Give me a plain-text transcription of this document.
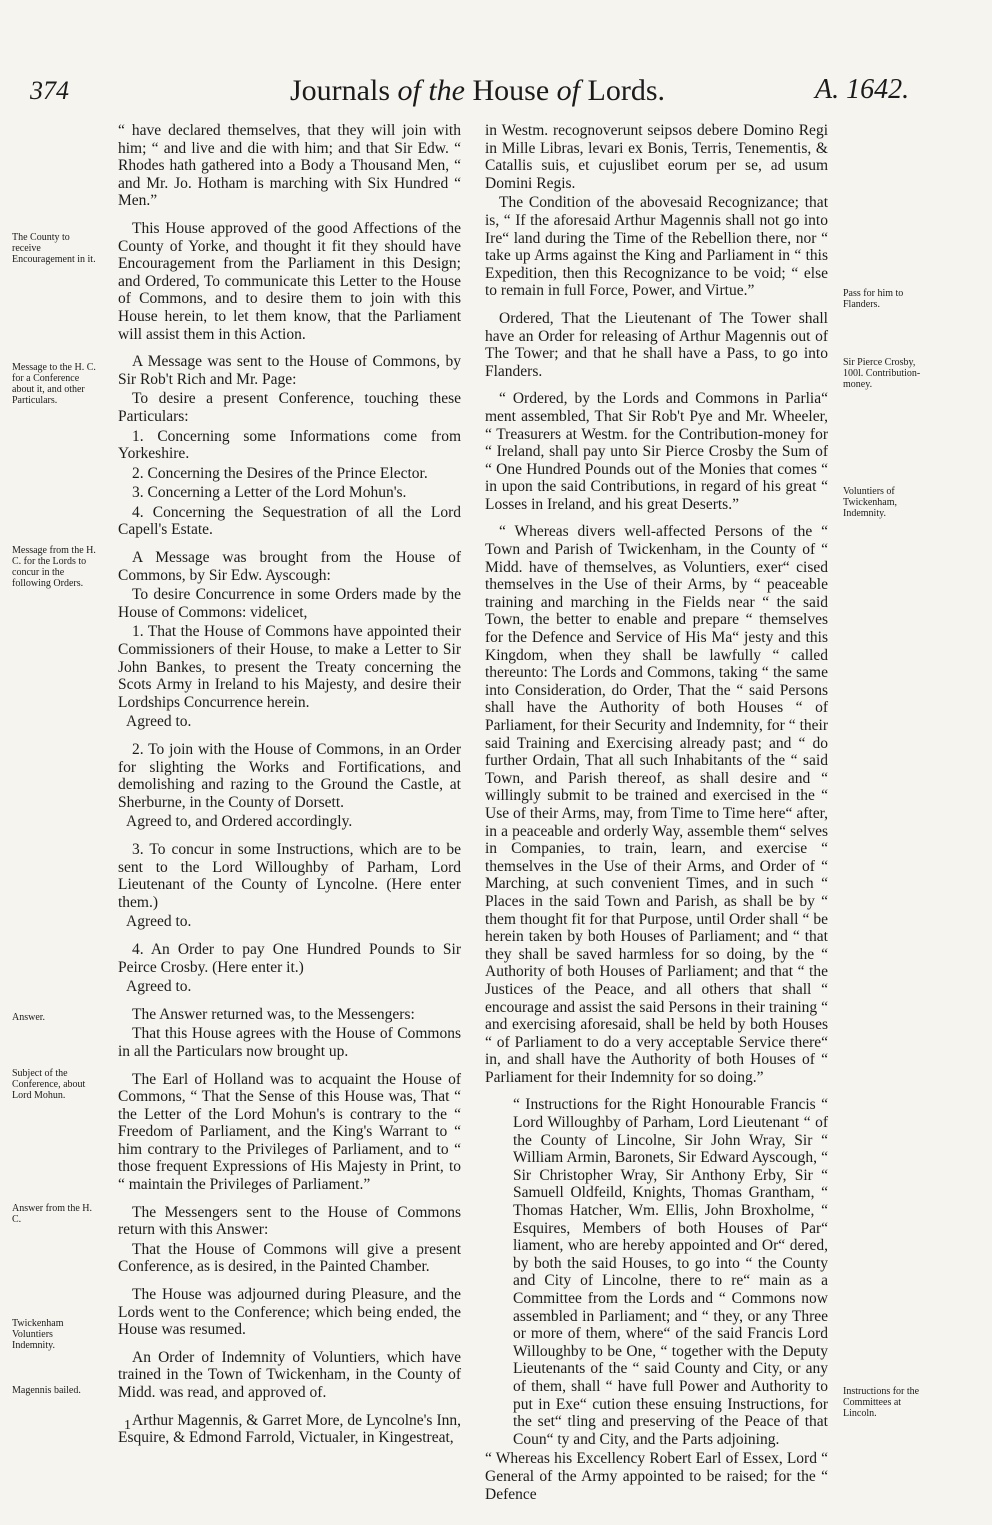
374	Journals of the House of Lords.	A. 1642.

“ have declared themselves, that they will join with him; “ and live and die with him; and that Sir Edw. “ Rhodes hath gathered into a Body a Thousand Men, “ and Mr. Jo. Hotham is marching with Six Hundred “ Men.”

This House approved of the good Affections of the County of Yorke, and thought it fit they should have Encouragement from the Parliament in this Design; and Ordered, To communicate this Letter to the House of Commons, and to desire them to join with this House herein, to let them know, that the Parliament will assist them in this Action.

A Message was sent to the House of Commons, by Sir Rob't Rich and Mr. Page:

To desire a present Conference, touching these Particulars:

1. Concerning some Informations come from Yorkeshire.

2. Concerning the Desires of the Prince Elector.

3. Concerning a Letter of the Lord Mohun's.

4. Concerning the Sequestration of all the Lord Capell's Estate.

A Message was brought from the House of Commons, by Sir Edw. Ayscough:

To desire Concurrence in some Orders made by the House of Commons: videlicet,

1. That the House of Commons have appointed their Commissioners of their House, to make a Letter to Sir John Bankes, to present the Treaty concerning the Scots Army in Ireland to his Majesty, and desire their Lordships Concurrence herein.

Agreed to.

2. To join with the House of Commons, in an Order for slighting the Works and Fortifications, and demolishing and razing to the Ground the Castle, at Sherburne, in the County of Dorsett.

Agreed to, and Ordered accordingly.

3. To concur in some Instructions, which are to be sent to the Lord Willoughby of Parham, Lord Lieutenant of the County of Lyncolne. (Here enter them.)

Agreed to.

4. An Order to pay One Hundred Pounds to Sir Peirce Crosby. (Here enter it.)

Agreed to.

The Answer returned was, to the Messengers:

That this House agrees with the House of Commons in all the Particulars now brought up.

The Earl of Holland was to acquaint the House of Commons, “ That the Sense of this House was, That “ the Letter of the Lord Mohun's is contrary to the “ Freedom of Parliament, and the King's Warrant to “ him contrary to the Privileges of Parliament, and to “ those frequent Expressions of His Majesty in Print, to “ maintain the Privileges of Parliament.”

The Messengers sent to the House of Commons return with this Answer:

That the House of Commons will give a present Conference, as is desired, in the Painted Chamber.

The House was adjourned during Pleasure, and the Lords went to the Conference; which being ended, the House was resumed.

An Order of Indemnity of Voluntiers, which have trained in the Town of Twickenham, in the County of Midd. was read, and approved of.

Arthur Magennis, & Garret More, de Lyncolne's Inn, Esquire, & Edmond Farrold, Victualer, in Kingestreat,

in Westm. recognoverunt seipsos debere Domino Regi in Mille Libras, levari ex Bonis, Terris, Tenementis, & Catallis suis, et cujuslibet eorum per se, ad usum Domini Regis.

The Condition of the abovesaid Recognizance; that is, “ If the aforesaid Arthur Magennis shall not go into Ire“ land during the Time of the Rebellion there, nor “ take up Arms against the King and Parliament in “ this Expedition, then this Recognizance to be void; “ else to remain in full Force, Power, and Virtue.”

Ordered, That the Lieutenant of The Tower shall have an Order for releasing of Arthur Magennis out of The Tower; and that he shall have a Pass, to go into Flanders.

“ Ordered, by the Lords and Commons in Parlia“ ment assembled, That Sir Rob't Pye and Mr. Wheeler, “ Treasurers at Westm. for the Contribution-money for “ Ireland, shall pay unto Sir Pierce Crosby the Sum of “ One Hundred Pounds out of the Monies that comes “ in upon the said Contributions, in regard of his great “ Losses in Ireland, and his great Deserts.”

“ Whereas divers well-affected Persons of the “ Town and Parish of Twickenham, in the County of “ Midd. have of themselves, as Voluntiers, exer“ cised themselves in the Use of their Arms, by “ peaceable training and marching in the Fields near “ the said Town, the better to enable and prepare “ themselves for the Defence and Service of His Ma“ jesty and this Kingdom, when they shall be lawfully “ called thereunto: The Lords and Commons, taking “ the same into Consideration, do Order, That the “ said Persons shall have the Authority of both Houses “ of Parliament, for their Security and Indemnity, for “ their said Training and Exercising already past; and “ do further Ordain, That all such Inhabitants of the “ said Town, and Parish thereof, as shall desire and “ willingly submit to be trained and exercised in the “ Use of their Arms, may, from Time to Time here“ after, in a peaceable and orderly Way, assemble them“ selves in Companies, to train, learn, and exercise “ themselves in the Use of their Arms, and Order of “ Marching, at such convenient Times, and in such “ Places in the said Town and Parish, as shall be by “ them thought fit for that Purpose, until Order shall “ be herein taken by both Houses of Parliament; and “ that they shall be saved harmless for so doing, by the “ Authority of both Houses of Parliament; and that “ the Justices of the Peace, and all others that shall “ encourage and assist the said Persons in their training “ and exercising aforesaid, shall be held by both Houses “ of Parliament to do a very acceptable Service there“ in, and shall have the Authority of both Houses of “ Parliament for their Indemnity for so doing.”

“ Instructions for the Right Honourable Francis “ Lord Willoughby of Parham, Lord Lieutenant “ of the County of Lincolne, Sir John Wray, Sir “ William Armin, Baronets, Sir Edward Ayscough, “ Sir Christopher Wray, Sir Anthony Erby, Sir “ Samuell Oldfeild, Knights, Thomas Grantham, “ Thomas Hatcher, Wm. Ellis, John Broxholme, “ Esquires, Members of both Houses of Par“ liament, who are hereby appointed and Or“ dered, by both the said Houses, to go into “ the County and City of Lincolne, there to re“ main as a Committee from the Lords and “ Commons now assembled in Parliament; and “ they, or any Three or more of them, where“ of the said Francis Lord Willoughby to be One, “ together with the Deputy Lieutenants of the “ said County and City, or any of them, shall “ have full Power and Authority to put in Exe“ cution these ensuing Instructions, for the set“ tling and preserving of the Peace of that Coun“ ty and City, and the Parts adjoining.

“ Whereas his Excellency Robert Earl of Essex, Lord “ General of the Army appointed to be raised; for the “ Defence

The County to receive Encouragement in it.
Message to the H. C. for a Conference about it, and other Particulars.
Message from the H. C. for the Lords to concur in the following Orders.
Answer.
Subject of the Conference, about Lord Mohun.
Answer from the H. C.
Twickenham Voluntiers Indemnity.
Magennis bailed.
Pass for him to Flanders.
Sir Pierce Crosby, 100l. Contribution-money.
Voluntiers of Twickenham, Indemnity.
Instructions for the Committees at Lincoln.
1
